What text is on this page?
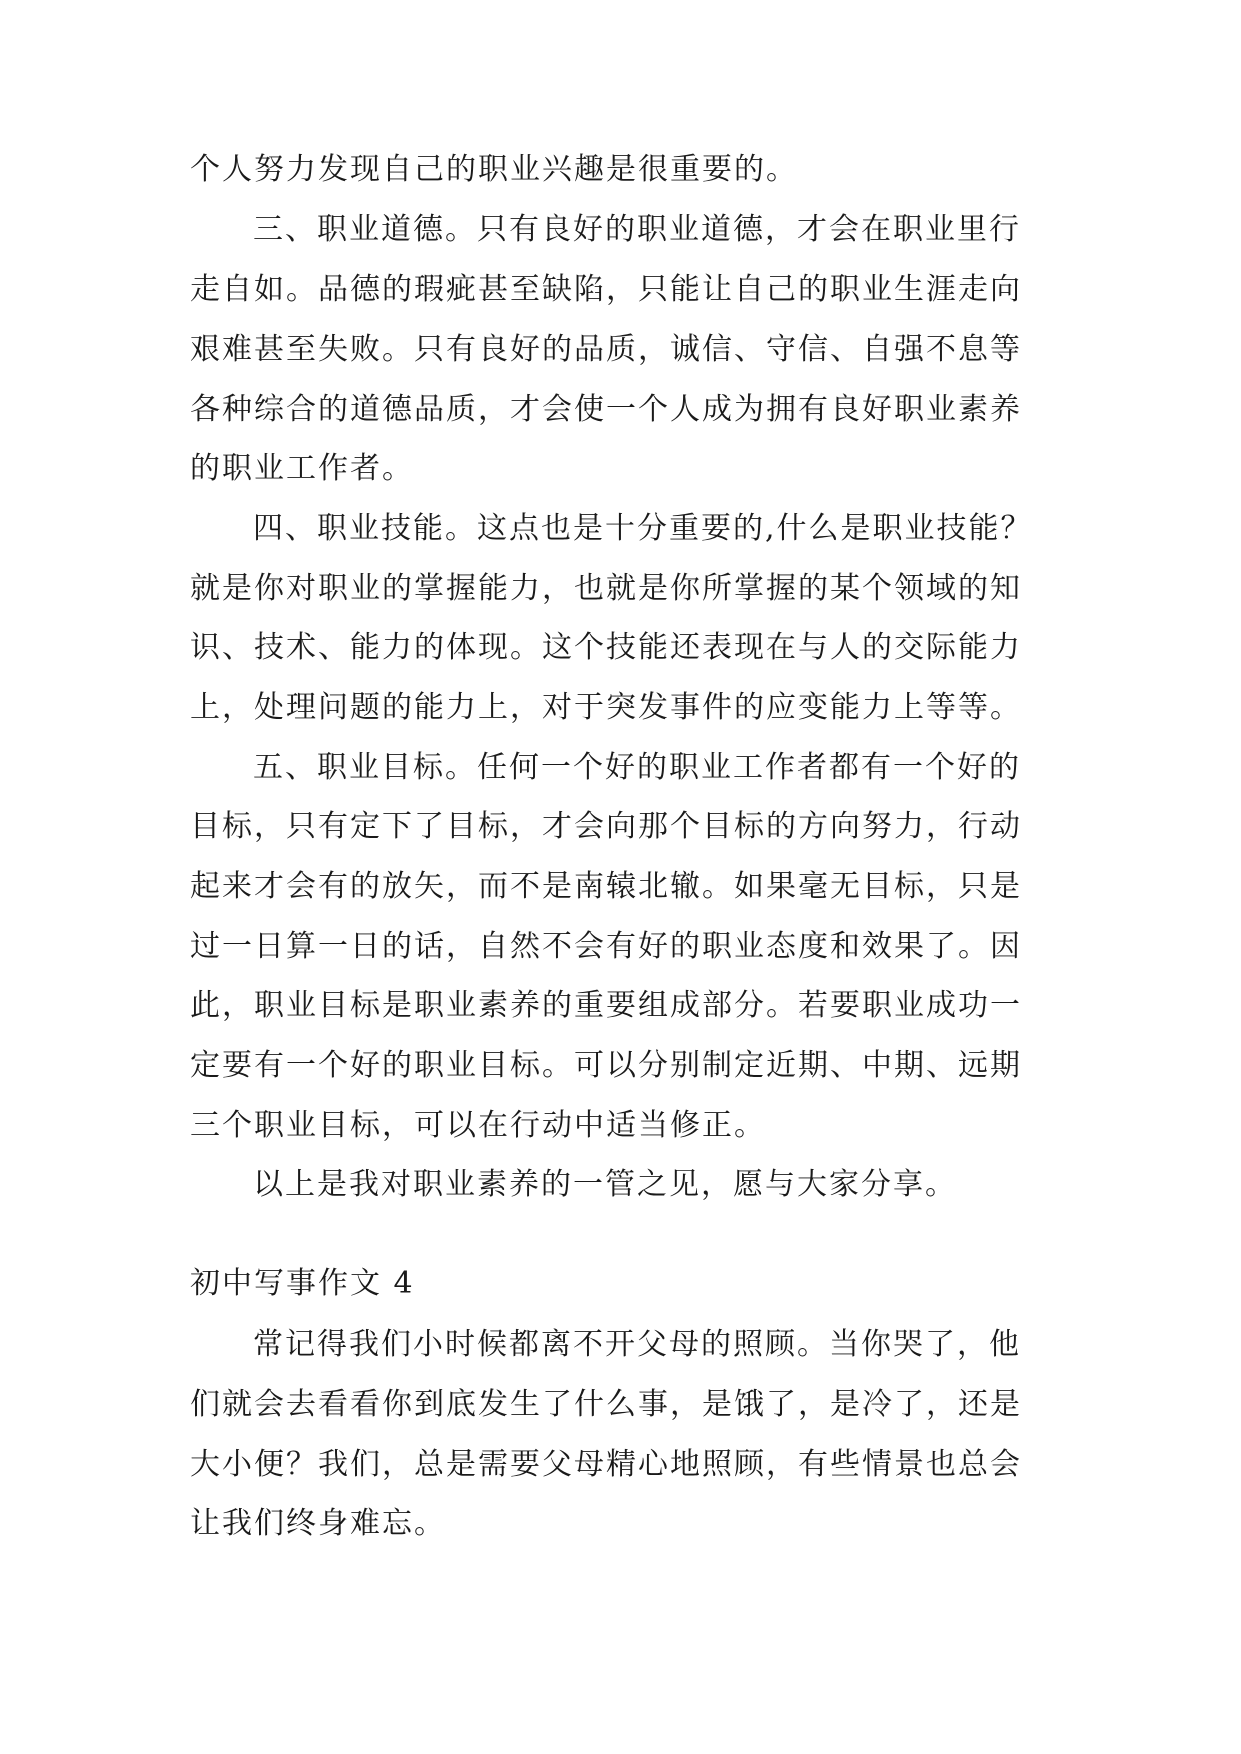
个人努力发现自己的职业兴趣是很重要的。
三、职业道德。只有良好的职业道德，才会在职业里行
走自如。品德的瑕疵甚至缺陷，只能让自己的职业生涯走向
艰难甚至失败。只有良好的品质，诚信、守信、自强不息等
各种综合的道德品质，才会使一个人成为拥有良好职业素养
的职业工作者。
四、职业技能。这点也是十分重要的,什么是职业技能？
就是你对职业的掌握能力，也就是你所掌握的某个领域的知
识、技术、能力的体现。这个技能还表现在与人的交际能力
上，处理问题的能力上，对于突发事件的应变能力上等等。
五、职业目标。任何一个好的职业工作者都有一个好的
目标，只有定下了目标，才会向那个目标的方向努力，行动
起来才会有的放矢，而不是南辕北辙。如果毫无目标，只是
过一日算一日的话，自然不会有好的职业态度和效果了。因
此，职业目标是职业素养的重要组成部分。若要职业成功一
定要有一个好的职业目标。可以分别制定近期、中期、远期
三个职业目标，可以在行动中适当修正。
以上是我对职业素养的一管之见，愿与大家分享。
初中写事作文 4
常记得我们小时候都离不开父母的照顾。当你哭了，他
们就会去看看你到底发生了什么事，是饿了，是冷了，还是
大小便？我们，总是需要父母精心地照顾，有些情景也总会
让我们终身难忘。
